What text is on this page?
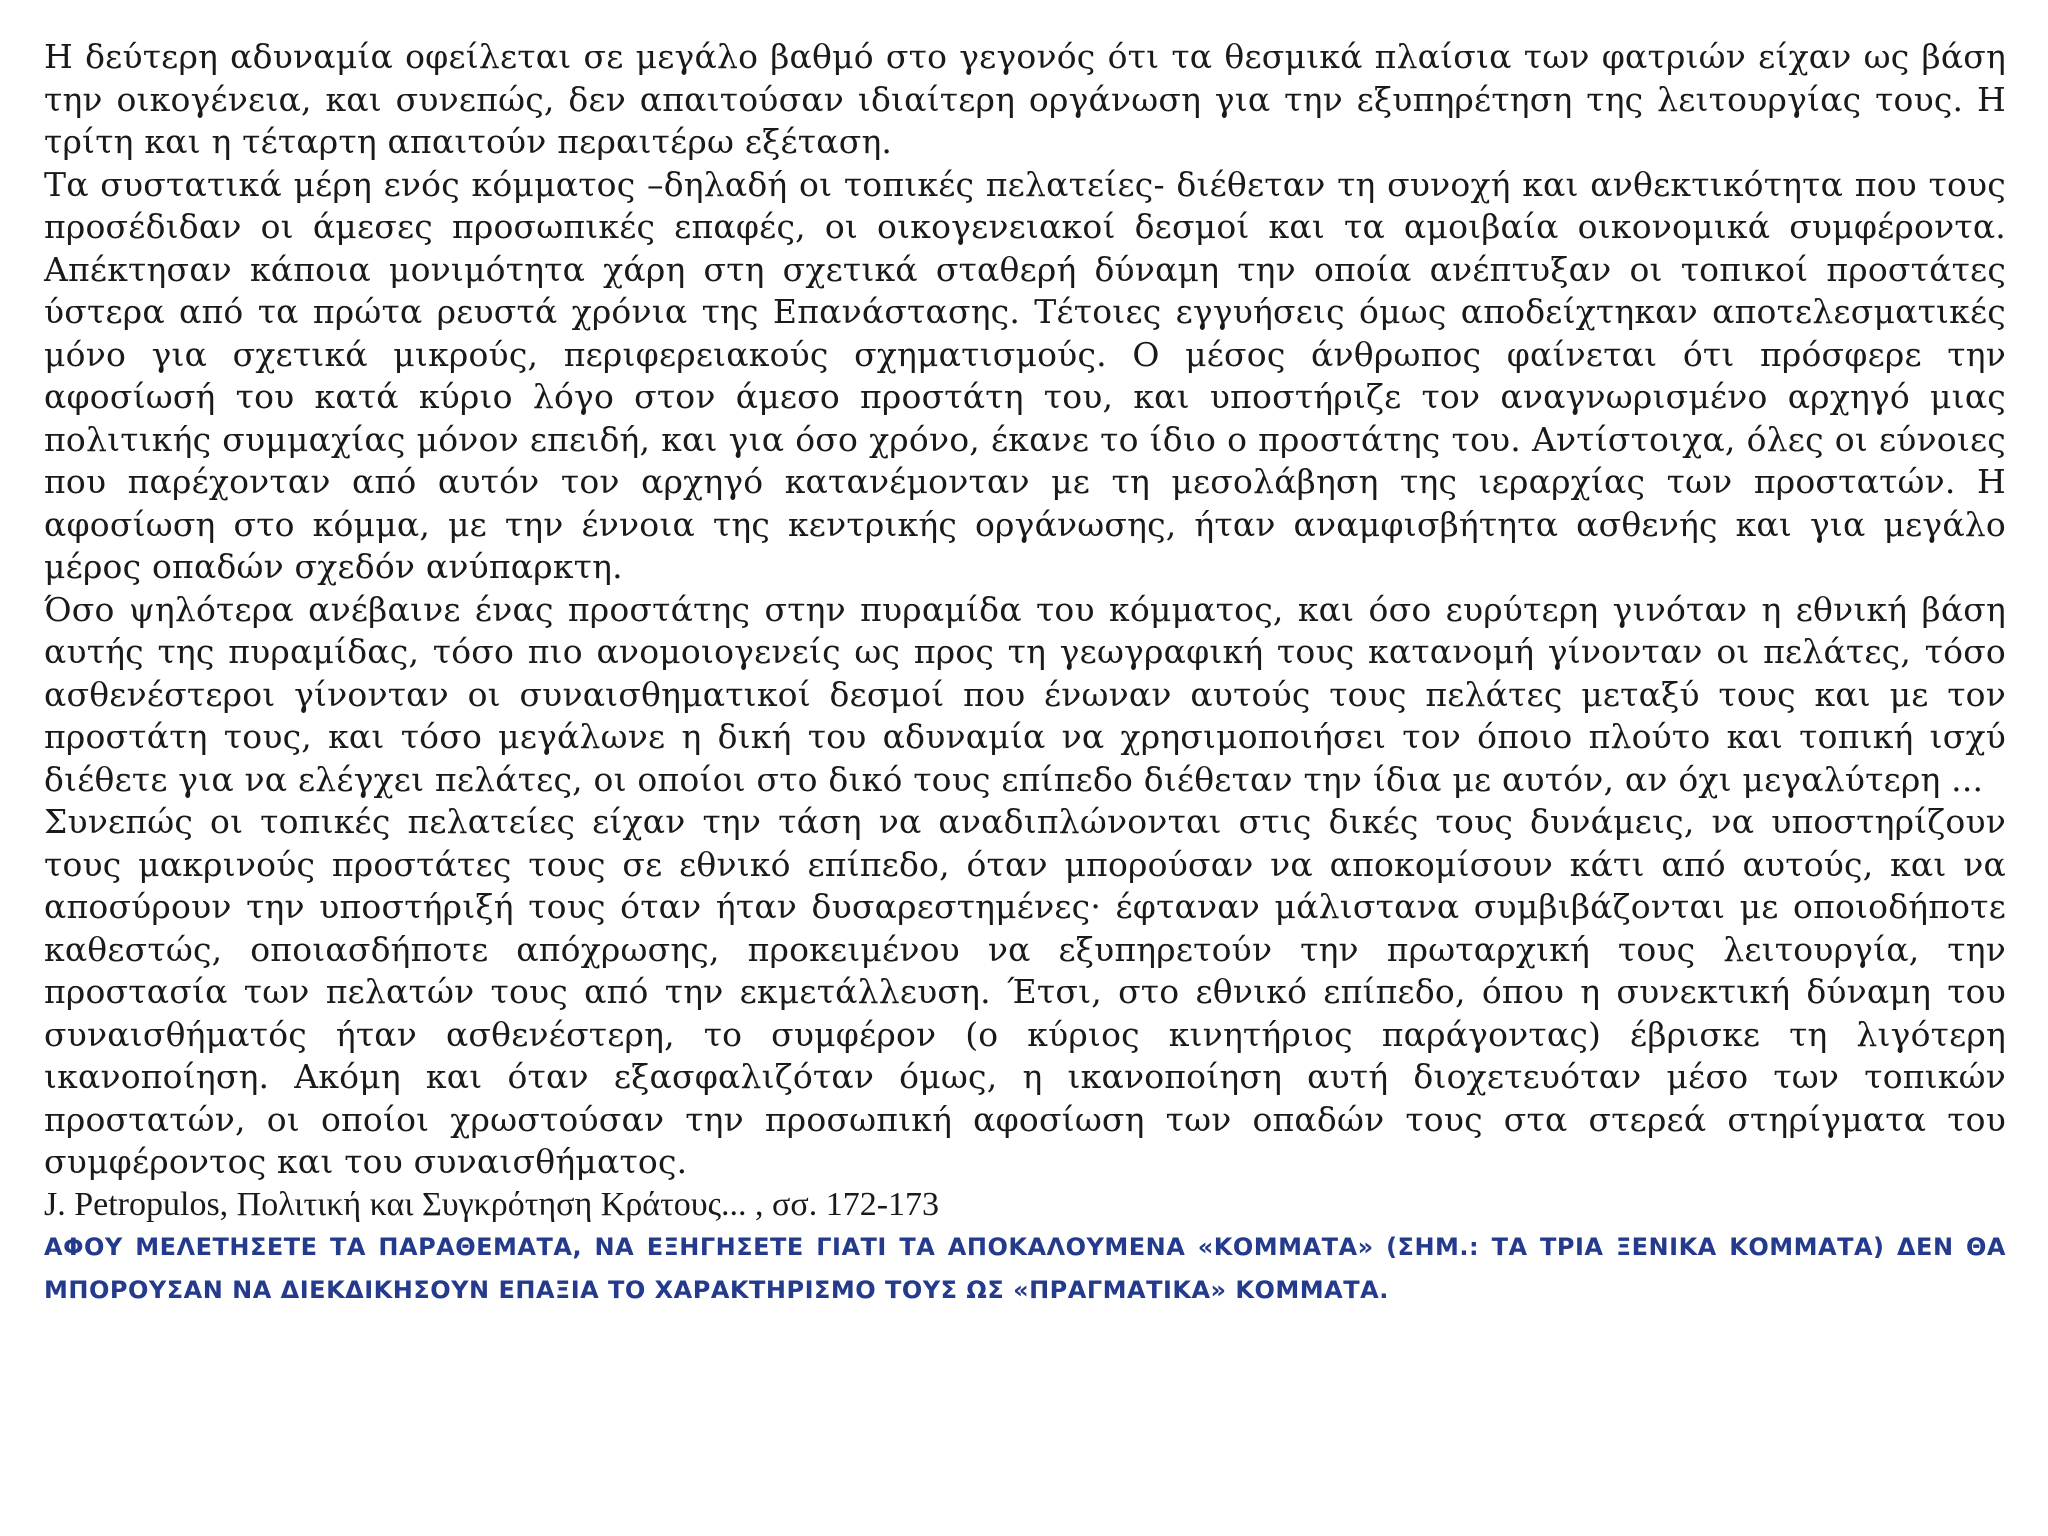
Η δεύτερη αδυναμία οφείλεται σε μεγάλο βαθμό στο γεγονός ότι τα θεσμικά πλαίσια των φατριών είχαν ως βάση την οικογένεια, και συνεπώς, δεν απαιτούσαν ιδιαίτερη οργάνωση για την εξυπηρέτηση της λειτουργίας τους. Η τρίτη και η τέταρτη απαιτούν περαιτέρω εξέταση.

Τα συστατικά μέρη ενός κόμματος –δηλαδή οι τοπικές πελατείες- διέθεταν τη συνοχή και ανθεκτικότητα που τους προσέδιδαν οι άμεσες προσωπικές επαφές, οι οικογενειακοί δεσμοί και τα αμοιβαία οικονομικά συμφέροντα. Απέκτησαν κάποια μονιμότητα χάρη στη σχετικά σταθερή δύναμη την οποία ανέπτυξαν οι τοπικοί προστάτες ύστερα από τα πρώτα ρευστά χρόνια της Επανάστασης. Τέτοιες εγγυήσεις όμως αποδείχτηκαν αποτελεσματικές μόνο για σχετικά μικρούς, περιφερειακούς σχηματισμούς. Ο μέσος άνθρωπος φαίνεται ότι πρόσφερε την αφοσίωσή του κατά κύριο λόγο στον άμεσο προστάτη του, και υποστήριζε τον αναγνωρισμένο αρχηγό μιας πολιτικής συμμαχίας μόνον επειδή, και για όσο χρόνο, έκανε το ίδιο ο προστάτης του. Αντίστοιχα, όλες οι εύνοιες που παρέχονταν από αυτόν τον αρχηγό κατανέμονταν με τη μεσολάβηση της ιεραρχίας των προστατών. Η αφοσίωση στο κόμμα, με την έννοια της κεντρικής οργάνωσης, ήταν αναμφισβήτητα ασθενής και για μεγάλο μέρος οπαδών σχεδόν ανύπαρκτη.

Όσο ψηλότερα ανέβαινε ένας προστάτης στην πυραμίδα του κόμματος, και όσο ευρύτερη γινόταν η εθνική βάση αυτής της πυραμίδας, τόσο πιο ανομοιογενείς ως προς τη γεωγραφική τους κατανομή γίνονταν οι πελάτες, τόσο ασθενέστεροι γίνονταν οι συναισθηματικοί δεσμοί που ένωναν αυτούς τους πελάτες μεταξύ τους και με τον προστάτη τους, και τόσο μεγάλωνε η δική του αδυναμία να χρησιμοποιήσει τον όποιο πλούτο και τοπική ισχύ διέθετε για να ελέγχει πελάτες, οι οποίοι στο δικό τους επίπεδο διέθεταν την ίδια με αυτόν, αν όχι μεγαλύτερη ...

Συνεπώς οι τοπικές πελατείες είχαν την τάση να αναδιπλώνονται στις δικές τους δυνάμεις, να υποστηρίζουν τους μακρινούς προστάτες τους σε εθνικό επίπεδο, όταν μπορούσαν να αποκομίσουν κάτι από αυτούς, και να αποσύρουν την υποστήριξή τους όταν ήταν δυσαρεστημένες· έφταναν μάλιστανα συμβιβάζονται με οποιοδήποτε καθεστώς, οποιασδήποτε απόχρωσης, προκειμένου να εξυπηρετούν την πρωταρχική τους λειτουργία, την προστασία των πελατών τους από την εκμετάλλευση. Έτσι, στο εθνικό επίπεδο, όπου η συνεκτική δύναμη του συναισθήματός ήταν ασθενέστερη, το συμφέρον (ο κύριος κινητήριος παράγοντας) έβρισκε τη λιγότερη ικανοποίηση. Ακόμη και όταν εξασφαλιζόταν όμως, η ικανοποίηση αυτή διοχετευόταν μέσο των τοπικών προστατών, οι οποίοι χρωστούσαν την προσωπική αφοσίωση των οπαδών τους στα στερεά στηρίγματα του συμφέροντος και του συναισθήματος.

J. Petropulos, Πολιτική και Συγκρότηση Κράτους... , σσ. 172-173

ΑΦΟΥ ΜΕΛΕΤΗΣΕΤΕ ΤΑ ΠΑΡΑΘΕΜΑΤΑ, ΝΑ ΕΞΗΓΗΣΕΤΕ ΓΙΑΤΙ ΤΑ ΑΠΟΚΑΛΟΥΜΕΝΑ «ΚΟΜΜΑΤΑ» (ΣΗΜ.: ΤΑ ΤΡΙΑ ΞΕΝΙΚΑ ΚΟΜΜΑΤΑ) ΔΕΝ ΘΑ ΜΠΟΡΟΥΣΑΝ ΝΑ ΔΙΕΚΔΙΚΗΣΟΥΝ ΕΠΑΞΙΑ ΤΟ ΧΑΡΑΚΤΗΡΙΣΜΟ ΤΟΥΣ ΩΣ «ΠΡΑΓΜΑΤΙΚΑ» ΚΟΜΜΑΤΑ.
